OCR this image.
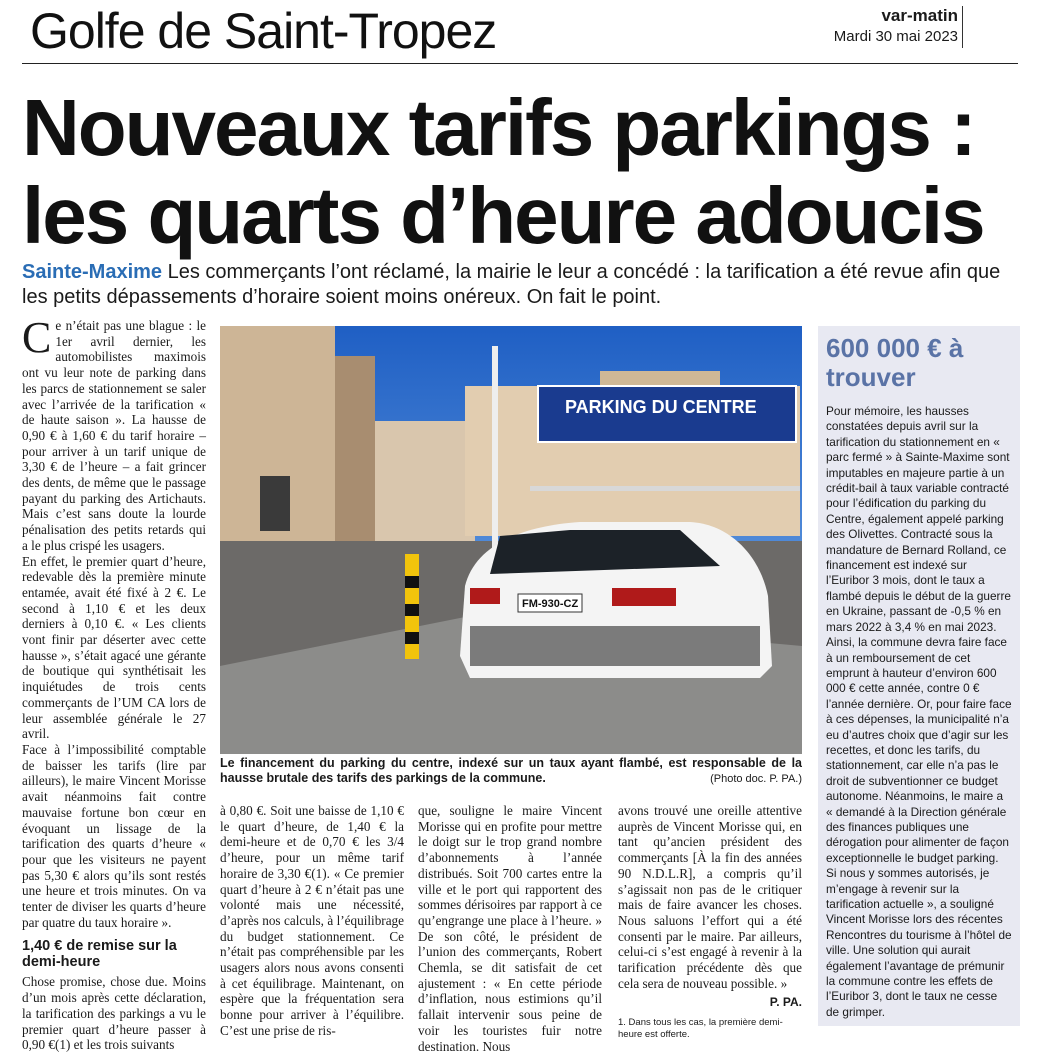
Golfe de Saint-Tropez	var-matin
Mardi 30 mai 2023
Nouveaux tarifs parkings :
les quarts d’heure adoucis
Sainte-Maxime Les commerçants l’ont réclamé, la mairie le leur a concédé : la tarification a été revue afin que les petits dépassements d’horaire soient moins onéreux. On fait le point.
C e n’était pas une blague : le 1er avril dernier, les automobilistes maximois ont vu leur note de parking dans les parcs de stationnement se saler avec l’arrivée de la tarification « de haute saison ». La hausse de 0,90 € à 1,60 € du tarif horaire – pour arriver à un tarif unique de 3,30 € de l’heure – a fait grincer des dents, de même que le passage payant du parking des Artichauts. Mais c’est sans doute la lourde pénalisation des petits retards qui a le plus crispé les usagers.

En effet, le premier quart d’heure, redevable dès la première minute entamée, avait été fixé à 2 €. Le second à 1,10 € et les deux derniers à 0,10 €. « Les clients vont finir par déserter avec cette hausse », s’était agacé une gérante de boutique qui synthétisait les inquiétudes de trois cents commerçants de l’UM CA lors de leur assemblée générale le 27 avril.

Face à l’impossibilité comptable de baisser les tarifs (lire par ailleurs), le maire Vincent Morisse avait néanmoins fait contre mauvaise fortune bon cœur en évoquant un lissage de la tarification des quarts d’heure « pour que les visiteurs ne payent pas 5,30 € alors qu’ils sont restés une heure et trois minutes. On va tenter de diviser les quarts d’heure par quatre du taux horaire ».

1,40 € de remise sur la demi-heure

Chose promise, chose due. Moins d’un mois après cette déclaration, la tarification des parkings a vu le premier quart d’heure passer à 0,90 €(1) et les trois suivants

PARKING DU CENTRE
FM-930-CZ
Le financement du parking du centre, indexé sur un taux ayant flambé, est responsable de la hausse brutale des tarifs des parkings de la commune.	(Photo doc. P. PA.)

à 0,80 €. Soit une baisse de 1,10 € le quart d’heure, de 1,40 € la demi-heure et de 0,70 € les 3/4 d’heure, pour un même tarif horaire de 3,30 €(1). « Ce premier quart d’heure à 2 € n’était pas une volonté mais une nécessité, d’après nos calculs, à l’équilibrage du budget stationnement. Ce n’était pas compréhensible par les usagers alors nous avons consenti à cet équilibrage. Maintenant, on espère que la fréquentation sera bonne pour arriver à l’équilibre. C’est une prise de ris-

que, souligne le maire Vincent Morisse qui en profite pour mettre le doigt sur le trop grand nombre d’abonnements à l’année distribués. Soit 700 cartes entre la ville et le port qui rapportent des sommes dérisoires par rapport à ce qu’engrange une place à l’heure. » De son côté, le président de l’union des commerçants, Robert Chemla, se dit satisfait de cet ajustement : « En cette période d’inflation, nous estimions qu’il fallait intervenir sous peine de voir les touristes fuir notre destination. Nous

avons trouvé une oreille attentive auprès de Vincent Morisse qui, en tant qu’ancien président des commerçants [À la fin des années 90 N.D.L.R], a compris qu’il s’agissait non pas de le critiquer mais de faire avancer les choses. Nous saluons l’effort qui a été consenti par le maire. Par ailleurs, celui-ci s’est engagé à revenir à la tarification précédente dès que cela sera de nouveau possible. »

P. PA.
1. Dans tous les cas, la première demi-heure est offerte.
600 000 € à trouver
Pour mémoire, les hausses constatées depuis avril sur la tarification du stationnement en « parc fermé » à Sainte-Maxime sont imputables en majeure partie à un crédit-bail à taux variable contracté pour l’édification du parking du Centre, également appelé parking des Olivettes. Contracté sous la mandature de Bernard Rolland, ce financement est indexé sur l’Euribor 3 mois, dont le taux a flambé depuis le début de la guerre en Ukraine, passant de -0,5 % en mars 2022 à 3,4 % en mai 2023. Ainsi, la commune devra faire face à un remboursement de cet emprunt à hauteur d’environ 600 000 € cette année, contre 0 € l’année dernière. Or, pour faire face à ces dépenses, la municipalité n’a eu d’autres choix que d’agir sur les recettes, et donc les tarifs, du stationnement, car elle n’a pas le droit de subventionner ce budget autonome. Néanmoins, le maire a « demandé à la Direction générale des finances publiques une dérogation pour alimenter de façon exceptionnelle le budget parking. Si nous y sommes autorisés, je m’engage à revenir sur la tarification actuelle », a souligné Vincent Morisse lors des récentes Rencontres du tourisme à l’hôtel de ville. Une solution qui aurait également l’avantage de prémunir la commune contre les effets de l’Euribor 3, dont le taux ne cesse de grimper.
